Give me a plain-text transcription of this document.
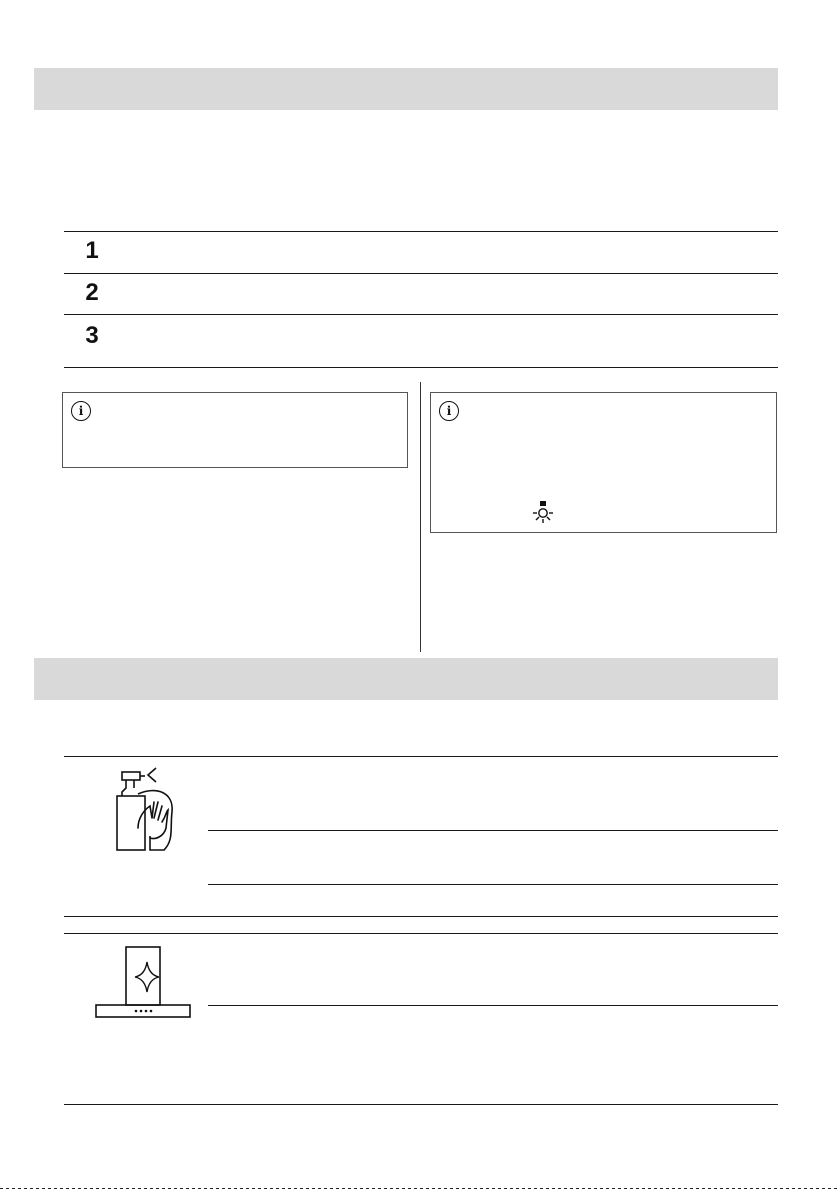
1
2
3
i	i
